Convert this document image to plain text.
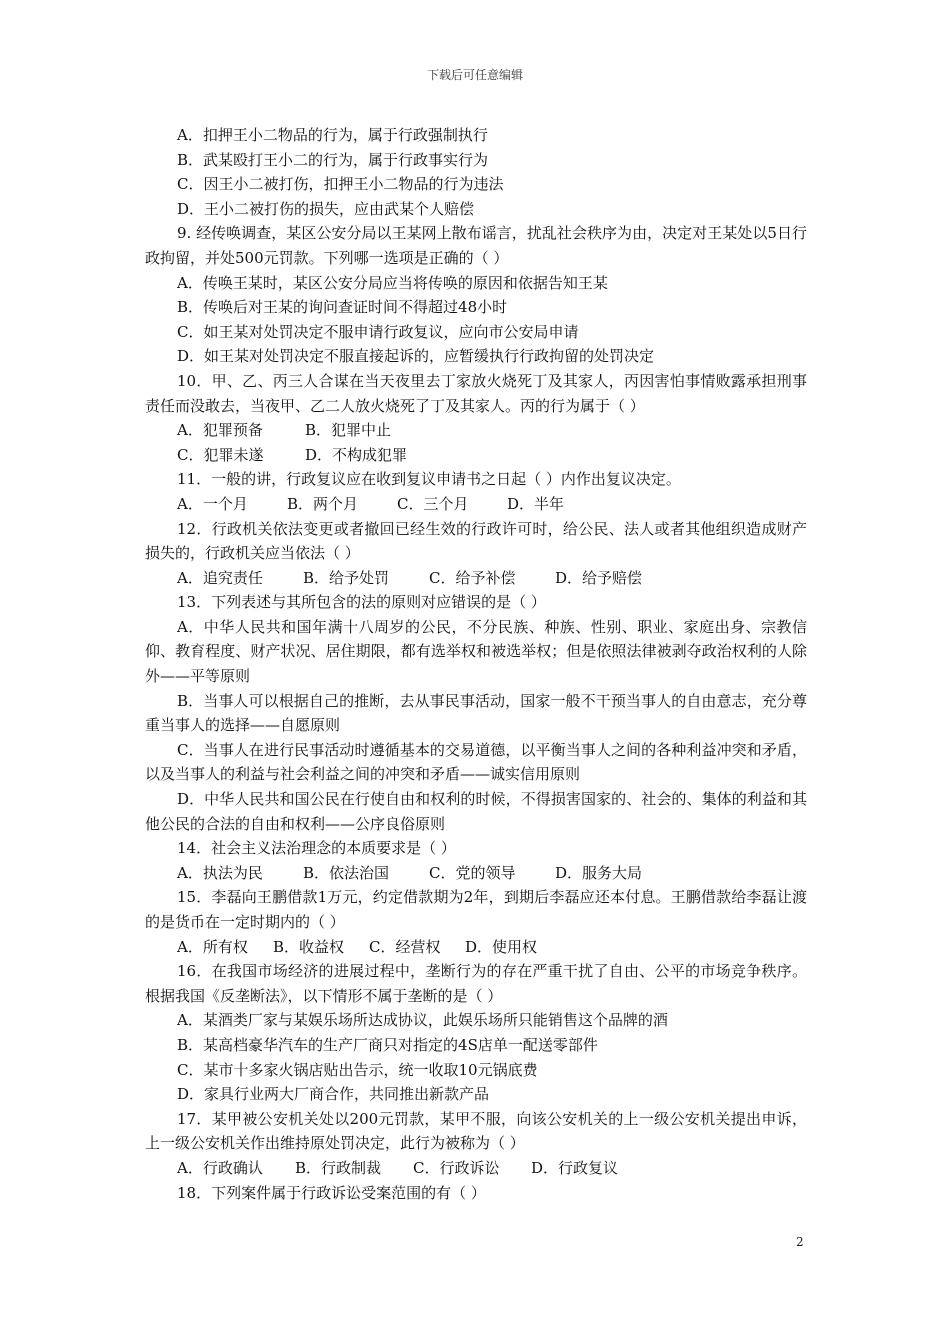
下载后可任意编辑

A．扣押王小二物品的行为，属于行政强制执行

B．武某殴打王小二的行为，属于行政事实行为

C．因王小二被打伤，扣押王小二物品的行为违法

D．王小二被打伤的损失，应由武某个人赔偿

9. 经传唤调查，某区公安分局以王某网上散布谣言，扰乱社会秩序为由，决定对王某处以5日行政拘留，并处500元罚款。下列哪一选项是正确的（ ）

A．传唤王某时，某区公安分局应当将传唤的原因和依据告知王某

B．传唤后对王某的询问查证时间不得超过48小时

C．如王某对处罚决定不服申请行政复议，应向市公安局申请

D．如王某对处罚决定不服直接起诉的，应暂缓执行行政拘留的处罚决定

10．甲、乙、丙三人合谋在当天夜里去丁家放火烧死丁及其家人，丙因害怕事情败露承担刑事责任而没敢去，当夜甲、乙二人放火烧死了丁及其家人。丙的行为属于（ ）

A．犯罪预备	B．犯罪中止
C．犯罪未遂	D．不构成犯罪

11．一般的讲，行政复议应在收到复议申请书之日起（ ）内作出复议决定。

A．一个月	B．两个月	C．三个月	D．半年

12．行政机关依法变更或者撤回已经生效的行政许可时，给公民、法人或者其他组织造成财产损失的，行政机关应当依法（ ）

A．追究责任	B．给予处罚	C．给予补偿	D．给予赔偿

13．下列表述与其所包含的法的原则对应错误的是（ ）

A．中华人民共和国年满十八周岁的公民，不分民族、种族、性别、职业、家庭出身、宗教信仰、教育程度、财产状况、居住期限，都有选举权和被选举权；但是依照法律被剥夺政治权利的人除外——平等原则

B．当事人可以根据自己的推断，去从事民事活动，国家一般不干预当事人的自由意志，充分尊重当事人的选择——自愿原则

C．当事人在进行民事活动时遵循基本的交易道德，以平衡当事人之间的各种利益冲突和矛盾，以及当事人的利益与社会利益之间的冲突和矛盾——诚实信用原则

D．中华人民共和国公民在行使自由和权利的时候，不得损害国家的、社会的、集体的利益和其他公民的合法的自由和权利——公序良俗原则

14．社会主义法治理念的本质要求是（ ）

A．执法为民	B．依法治国	C．党的领导	D．服务大局

15．李磊向王鹏借款1万元，约定借款期为2年，到期后李磊应还本付息。王鹏借款给李磊让渡的是货币在一定时期内的（ ）

A．所有权 B．收益权 C．经营权 D．使用权

16．在我国市场经济的进展过程中，垄断行为的存在严重干扰了自由、公平的市场竞争秩序。根据我国《反垄断法》，以下情形不属于垄断的是（ ）

A．某酒类厂家与某娱乐场所达成协议，此娱乐场所只能销售这个品牌的酒

B．某高档豪华汽车的生产厂商只对指定的4S店单一配送零部件

C．某市十多家火锅店贴出告示，统一收取10元锅底费

D．家具行业两大厂商合作，共同推出新款产品

17．某甲被公安机关处以200元罚款，某甲不服，向该公安机关的上一级公安机关提出申诉，上一级公安机关作出维持原处罚决定，此行为被称为（ ）

A．行政确认 B．行政制裁 C．行政诉讼 D．行政复议

18．下列案件属于行政诉讼受案范围的有（ ）

2
